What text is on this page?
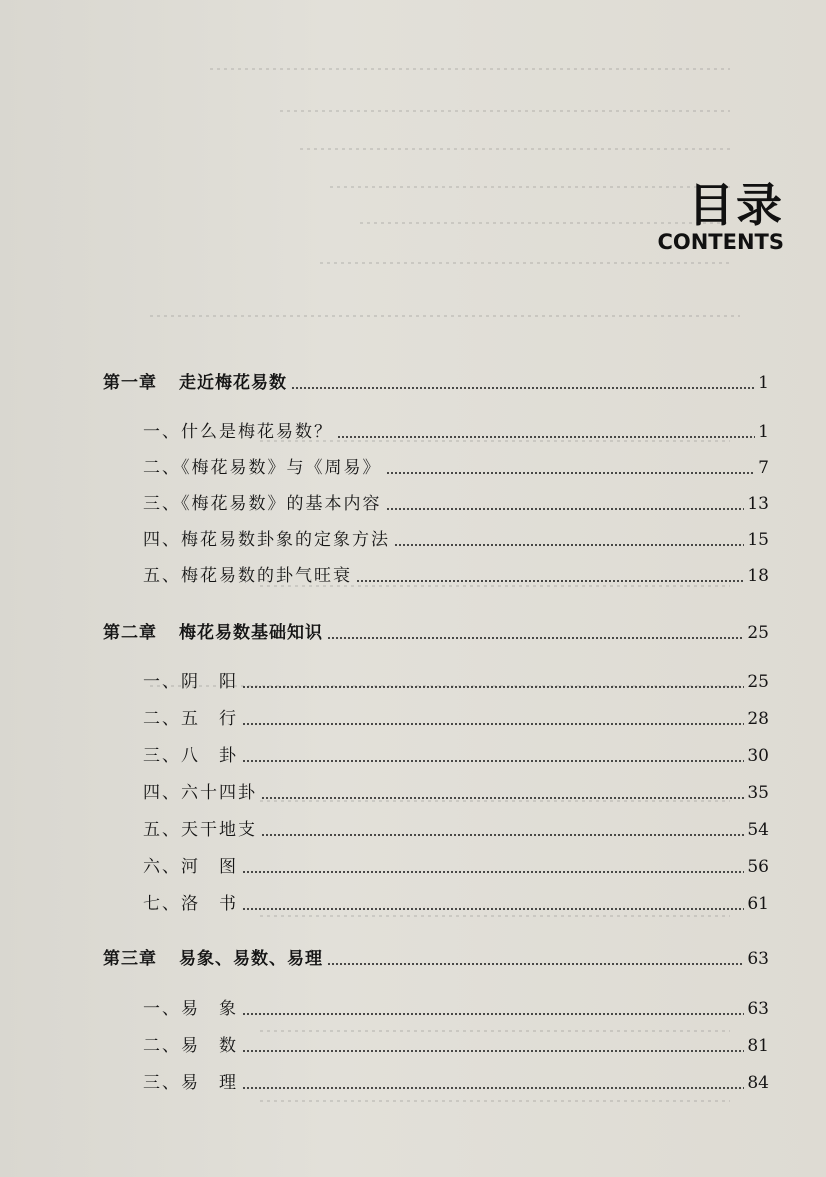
目录
CONTENTS
第一章 走近梅花易数	1
一、什么是梅花易数？	1
二、《梅花易数》与《周易》	7
三、《梅花易数》的基本内容	13
四、梅花易数卦象的定象方法	15
五、梅花易数的卦气旺衰	18
第二章 梅花易数基础知识	25
一、阴　阳	25
二、五　行	28
三、八　卦	30
四、六十四卦	35
五、天干地支	54
六、河　图	56
七、洛　书	61
第三章 易象、易数、易理	63
一、易　象	63
二、易　数	81
三、易　理	84
